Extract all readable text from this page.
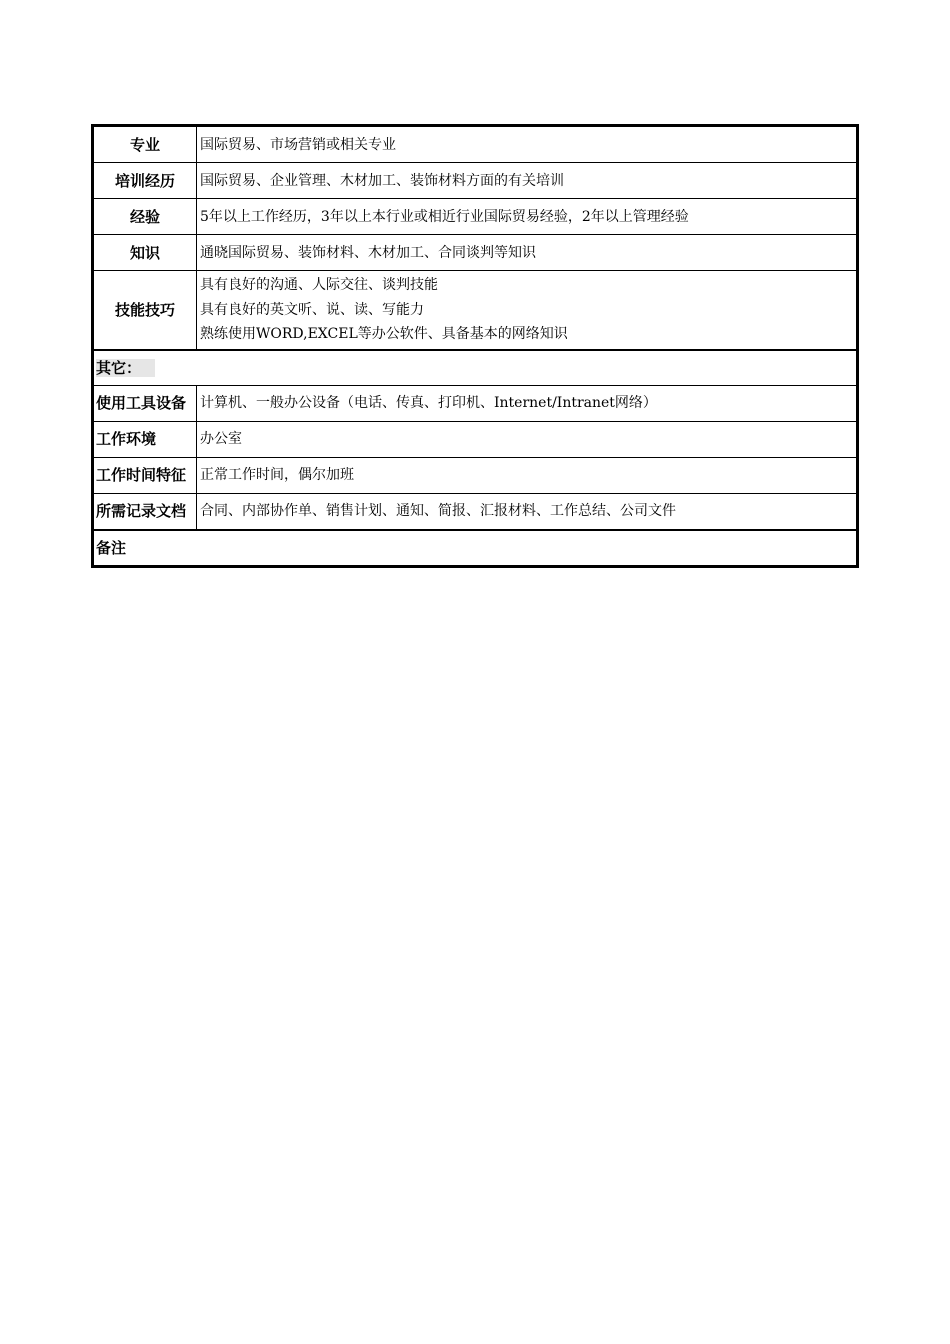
专业	国际贸易、市场营销或相关专业
培训经历	国际贸易、企业管理、木材加工、装饰材料方面的有关培训
经验	5年以上工作经历，3年以上本行业或相近行业国际贸易经验，2年以上管理经验
知识	通晓国际贸易、装饰材料、木材加工、合同谈判等知识
技能技巧	具有良好的沟通、人际交往、谈判技能
具有良好的英文听、说、读、写能力
熟练使用WORD,EXCEL等办公软件、具备基本的网络知识

其它：	
使用工具设备	计算机、一般办公设备（电话、传真、打印机、Internet/Intranet网络）
工作环境	办公室
工作时间特征	正常工作时间，偶尔加班
所需记录文档	合同、内部协作单、销售计划、通知、简报、汇报材料、工作总结、公司文件
备注	
